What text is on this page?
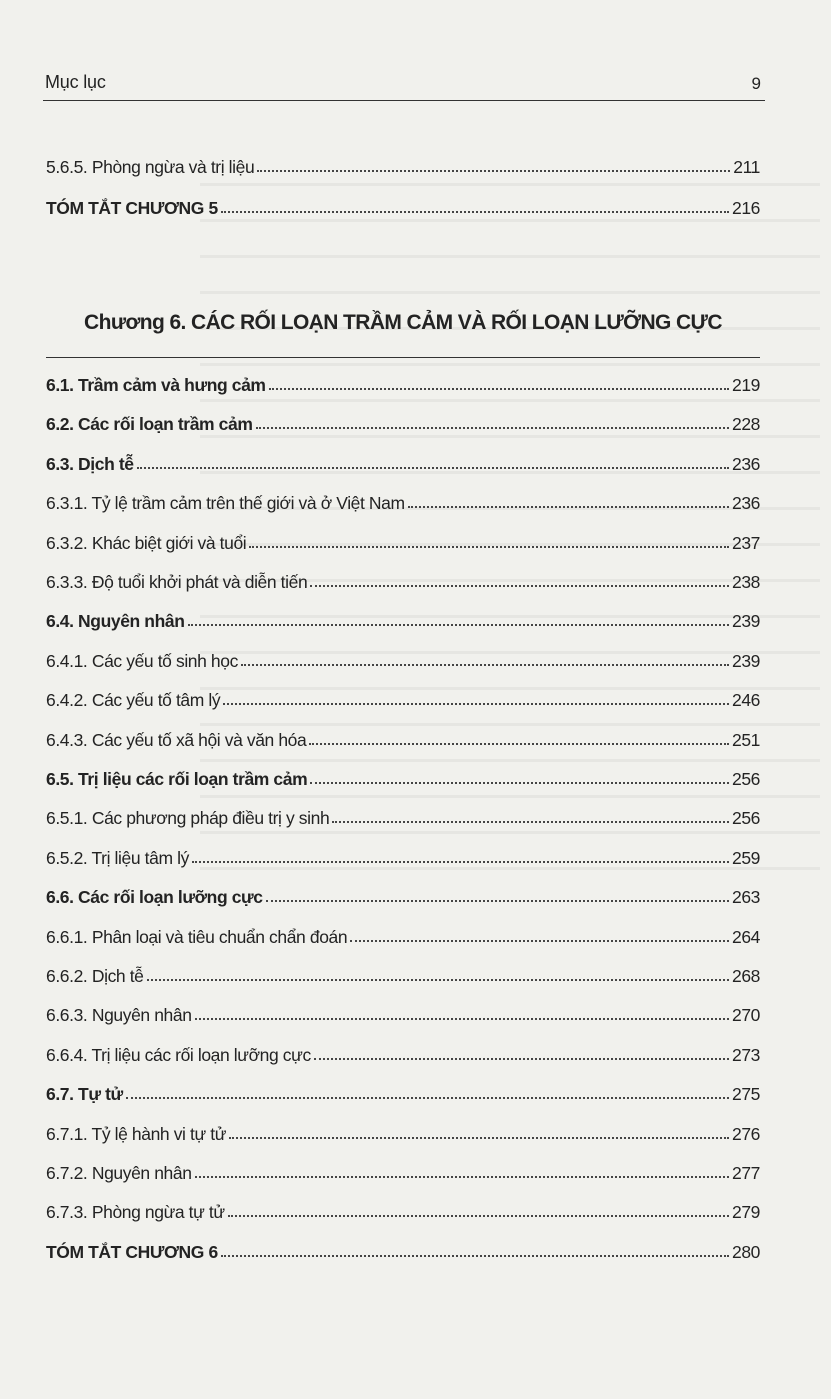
Mục lục	9
5.6.5. Phòng ngừa và trị liệu	211
TÓM TẮT CHƯƠNG 5	216
Chương 6. CÁC RỐI LOẠN TRẦM CẢM VÀ RỐI LOẠN LƯỠNG CỰC
6.1. Trầm cảm và hưng cảm	219
6.2. Các rối loạn trầm cảm	228
6.3. Dịch tễ	236
6.3.1. Tỷ lệ trầm cảm trên thế giới và ở Việt Nam	236
6.3.2. Khác biệt giới và tuổi	237
6.3.3. Độ tuổi khởi phát và diễn tiến	238
6.4. Nguyên nhân	239
6.4.1. Các yếu tố sinh học	239
6.4.2. Các yếu tố tâm lý	246
6.4.3. Các yếu tố xã hội và văn hóa	251
6.5. Trị liệu các rối loạn trầm cảm	256
6.5.1. Các phương pháp điều trị y sinh	256
6.5.2. Trị liệu tâm lý	259
6.6. Các rối loạn lưỡng cực	263
6.6.1. Phân loại và tiêu chuẩn chẩn đoán	264
6.6.2. Dịch tễ	268
6.6.3. Nguyên nhân	270
6.6.4. Trị liệu các rối loạn lưỡng cực	273
6.7. Tự tử	275
6.7.1. Tỷ lệ hành vi tự tử	276
6.7.2. Nguyên nhân	277
6.7.3. Phòng ngừa tự tử	279
TÓM TẮT CHƯƠNG 6	280
